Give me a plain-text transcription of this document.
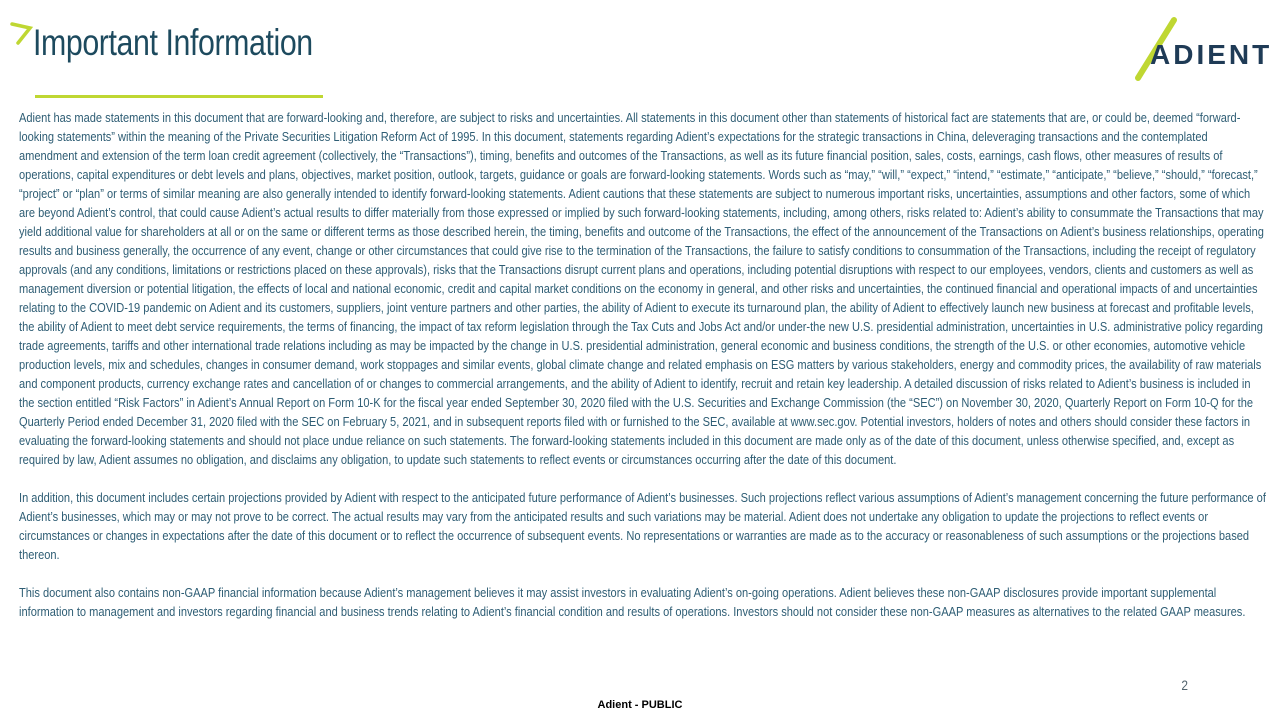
Important Information	ADIENT

Adient has made statements in this document that are forward-looking and, therefore, are subject to risks and uncertainties. All statements in this document other than statements of historical fact are statements that are, or could be, deemed “forward- looking statements” within the meaning of the Private Securities Litigation Reform Act of 1995. In this document, statements regarding Adient’s expectations for the strategic transactions in China, deleveraging transactions and the contemplated amendment and extension of the term loan credit agreement (collectively, the “Transactions”), timing, benefits and outcomes of the Transactions, as well as its future financial position, sales, costs, earnings, cash flows, other measures of results of operations, capital expenditures or debt levels and plans, objectives, market position, outlook, targets, guidance or goals are forward-looking statements. Words such as “may,” “will,” “expect,” “intend,” “estimate,” “anticipate,” “believe,” “should,” “forecast,” “project” or “plan” or terms of similar meaning are also generally intended to identify forward-looking statements. Adient cautions that these statements are subject to numerous important risks, uncertainties, assumptions and other factors, some of which are beyond Adient’s control, that could cause Adient’s actual results to differ materially from those expressed or implied by such forward-looking statements, including, among others, risks related to: Adient’s ability to consummate the Transactions that may yield additional value for shareholders at all or on the same or different terms as those described herein, the timing, benefits and outcome of the Transactions, the effect of the announcement of the Transactions on Adient’s business relationships, operating results and business generally, the occurrence of any event, change or other circumstances that could give rise to the termination of the Transactions, the failure to satisfy conditions to consummation of the Transactions, including the receipt of regulatory approvals (and any conditions, limitations or restrictions placed on these approvals), risks that the Transactions disrupt current plans and operations, including potential disruptions with respect to our employees, vendors, clients and customers as well as management diversion or potential litigation, the effects of local and national economic, credit and capital market conditions on the economy in general, and other risks and uncertainties, the continued financial and operational impacts of and uncertainties relating to the COVID-19 pandemic on Adient and its customers, suppliers, joint venture partners and other parties, the ability of Adient to execute its turnaround plan, the ability of Adient to effectively launch new business at forecast and profitable levels, the ability of Adient to meet debt service requirements, the terms of financing, the impact of tax reform legislation through the Tax Cuts and Jobs Act and/or under-the new U.S. presidential administration, uncertainties in U.S. administrative policy regarding trade agreements, tariffs and other international trade relations including as may be impacted by the change in U.S. presidential administration, general economic and business conditions, the strength of the U.S. or other economies, automotive vehicle production levels, mix and schedules, changes in consumer demand, work stoppages and similar events, global climate change and related emphasis on ESG matters by various stakeholders, energy and commodity prices, the availability of raw materials and component products, currency exchange rates and cancellation of or changes to commercial arrangements, and the ability of Adient to identify, recruit and retain key leadership. A detailed discussion of risks related to Adient’s business is included in the section entitled “Risk Factors” in Adient’s Annual Report on Form 10-K for the fiscal year ended September 30, 2020 filed with the U.S. Securities and Exchange Commission (the “SEC”) on November 30, 2020, Quarterly Report on Form 10-Q for the Quarterly Period ended December 31, 2020 filed with the SEC on February 5, 2021, and in subsequent reports filed with or furnished to the SEC, available at www.sec.gov. Potential investors, holders of notes and others should consider these factors in evaluating the forward-looking statements and should not place undue reliance on such statements. The forward-looking statements included in this document are made only as of the date of this document, unless otherwise specified, and, except as required by law, Adient assumes no obligation, and disclaims any obligation, to update such statements to reflect events or circumstances occurring after the date of this document.

In addition, this document includes certain projections provided by Adient with respect to the anticipated future performance of Adient’s businesses. Such projections reflect various assumptions of Adient’s management concerning the future performance of Adient’s businesses, which may or may not prove to be correct. The actual results may vary from the anticipated results and such variations may be material. Adient does not undertake any obligation to update the projections to reflect events or circumstances or changes in expectations after the date of this document or to reflect the occurrence of subsequent events. No representations or warranties are made as to the accuracy or reasonableness of such assumptions or the projections based thereon.

This document also contains non-GAAP financial information because Adient’s management believes it may assist investors in evaluating Adient’s on-going operations. Adient believes these non-GAAP disclosures provide important supplemental information to management and investors regarding financial and business trends relating to Adient’s financial condition and results of operations. Investors should not consider these non-GAAP measures as alternatives to the related GAAP measures.

2
Adient - PUBLIC
